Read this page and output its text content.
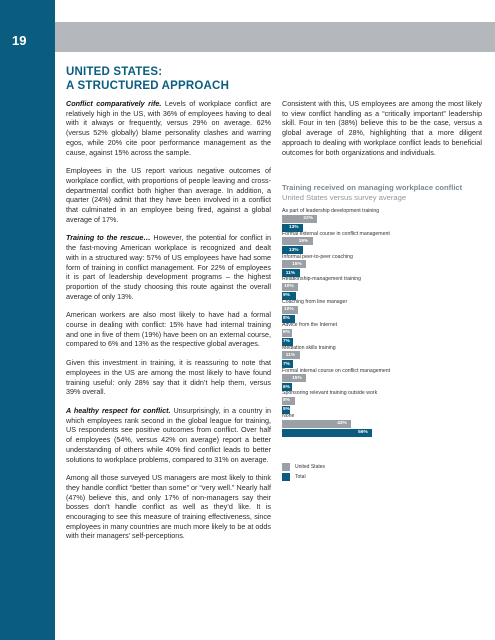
19
UNITED STATES:
A STRUCTURED APPROACH

Conflict comparatively rife. Levels of workplace conflict are relatively high in the US, with 36% of employees having to deal with it always or frequently, versus 29% on average. 62% (versus 52% globally) blame personality clashes and warring egos, while 20% cite poor performance management as the cause, against 15% across the sample.

Employees in the US report various negative outcomes of workplace conflict, with proportions of people leaving and cross-departmental conflict both higher than average. In addition, a quarter (24%) admit that they have been involved in a conflict that culminated in an employee being fired, against a global average of 17%.

Training to the rescue… However, the potential for conflict in the fast-moving American workplace is recognized and dealt with in a structured way: 57% of US employees have had some form of training in conflict management. For 22% of employees it is part of leadership development programs – the highest proportion of the study choosing this route against the overall average of only 13%.

American workers are also most likely to have had a formal course in dealing with conflict: 15% have had internal training and one in five of them (19%) have been on an external course, compared to 6% and 13% as the respective global averages.

Given this investment in training, it is reassuring to note that employees in the US are among the most likely to have found training useful: only 28% say that it didn’t help them, versus 39% overall.

A healthy respect for conflict. Unsurprisingly, in a country in which employees rank second in the global league for training, US respondents see positive outcomes from conflict. Over half of employees (54%, versus 42% on average) report a better understanding of others while 40% find conflict leads to better solutions to workplace problems, compared to 31% on average.

Among all those surveyed US managers are most likely to think they handle conflict “better than some” or “very well.” Nearly half (47%) believe this, and only 17% of non-managers say their bosses don’t handle conflict as well as they’d like. It is encouraging to see this measure of training effectiveness, since employees in many countries are much more likely to be at odds with their managers’ self-perceptions.

Consistent with this, US employees are among the most likely to view conflict handling as a “critically important” leadership skill. Four in ten (38%) believe this to be the case, versus a global average of 28%, highlighting that a more diligent approach to dealing with workplace conflict leads to beneficial outcomes for both organizations and individuals.

Training received on managing workplace conflict
United States versus survey average
As part of leadership development training
22%
13%
Formal external course in conflict management
19%
13%
Informal peer-to-peer coaching
15%
11%
Relationship-management training
10%
9%
Coaching from line manager
10%
8%
Advice from the Internet
6%
7%
Mediation skills training
11%
7%
Formal internal course on conflict management
15%
6%
Sponsoring relevant training outside work
8%
5%
None
43%
56%
United States
Total
